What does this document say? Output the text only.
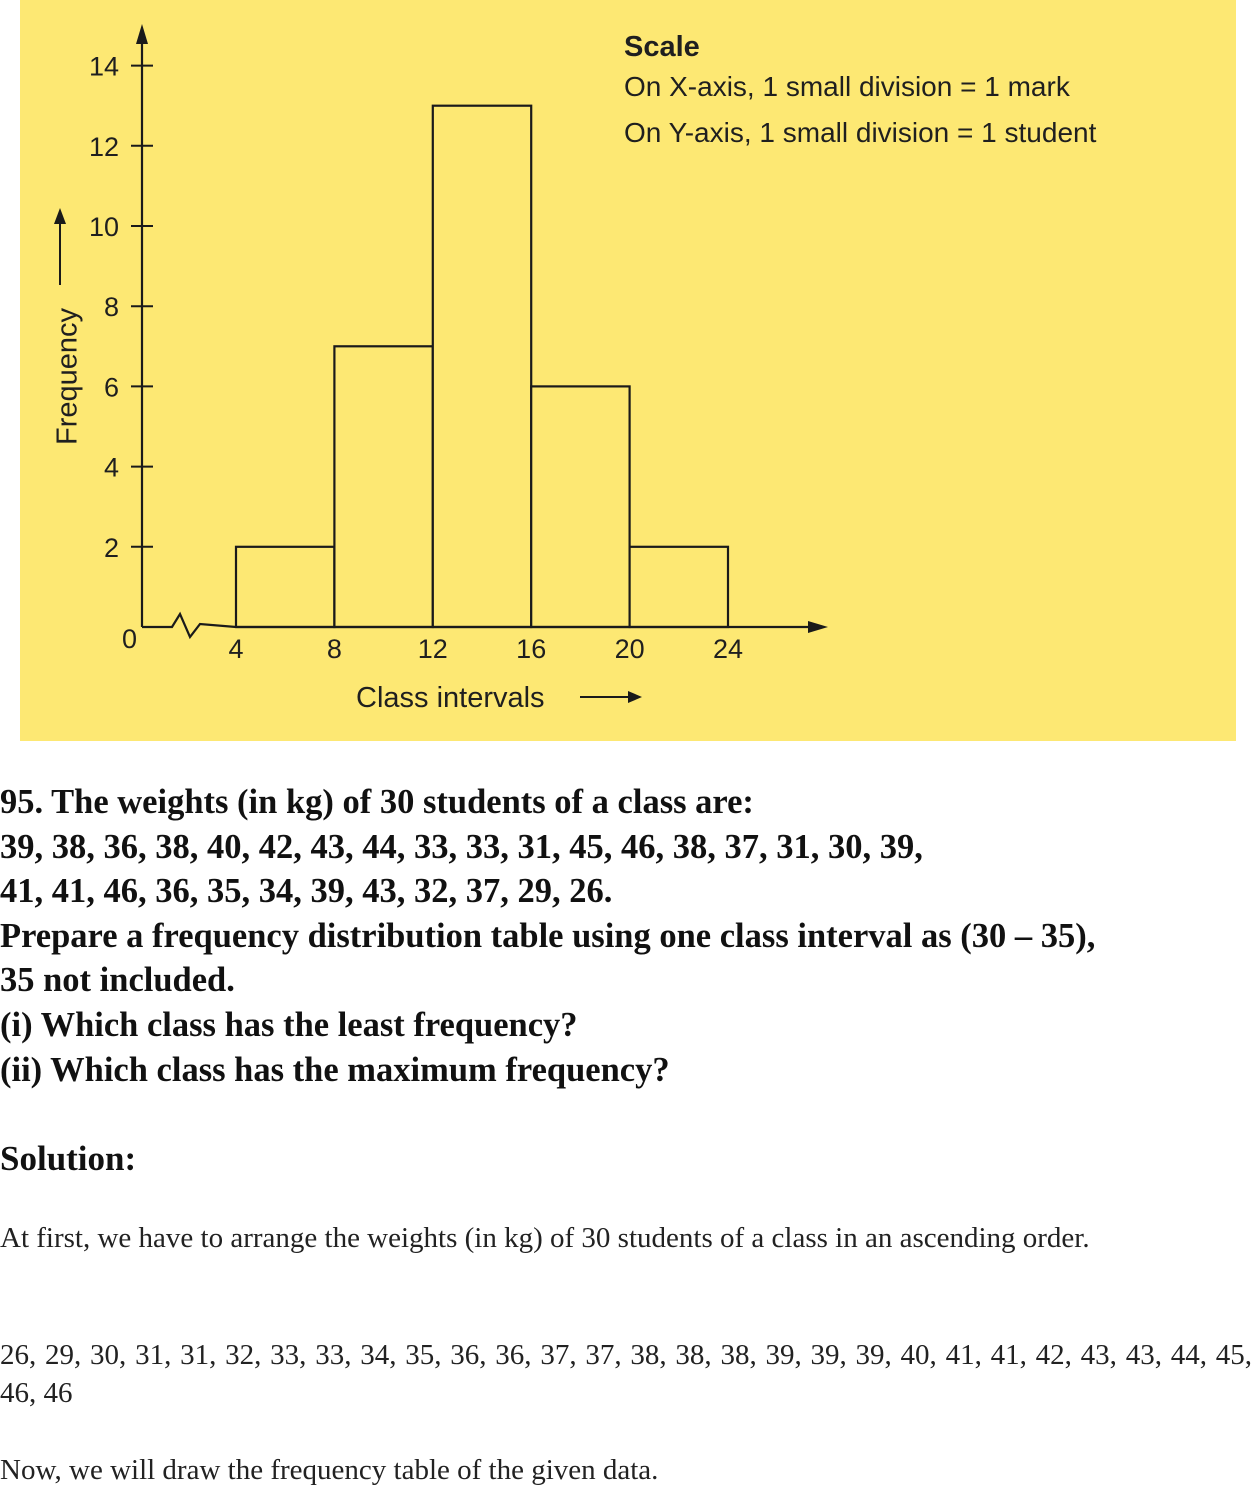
0
2
4
6
8
10
12
14
4	8	12	16	20	24
Class intervals
Frequency
Scale
On X-axis, 1 small division = 1 mark
On Y-axis, 1 small division = 1 student

95. The weights (in kg) of 30 students of a class are:

39, 38, 36, 38, 40, 42, 43, 44, 33, 33, 31, 45, 46, 38, 37, 31, 30, 39,

41, 41, 46, 36, 35, 34, 39, 43, 32, 37, 29, 26.

Prepare a frequency distribution table using one class interval as (30 – 35),

35 not included.

(i) Which class has the least frequency?

(ii) Which class has the maximum frequency?

Solution:

At first, we have to arrange the weights (in kg) of 30 students of a class in an ascending order.

26, 29, 30, 31, 31, 32, 33, 33, 34, 35, 36, 36, 37, 37, 38, 38, 38, 39, 39, 39, 40, 41, 41, 42, 43, 43, 44, 45, 46, 46

Now, we will draw the frequency table of the given data.
